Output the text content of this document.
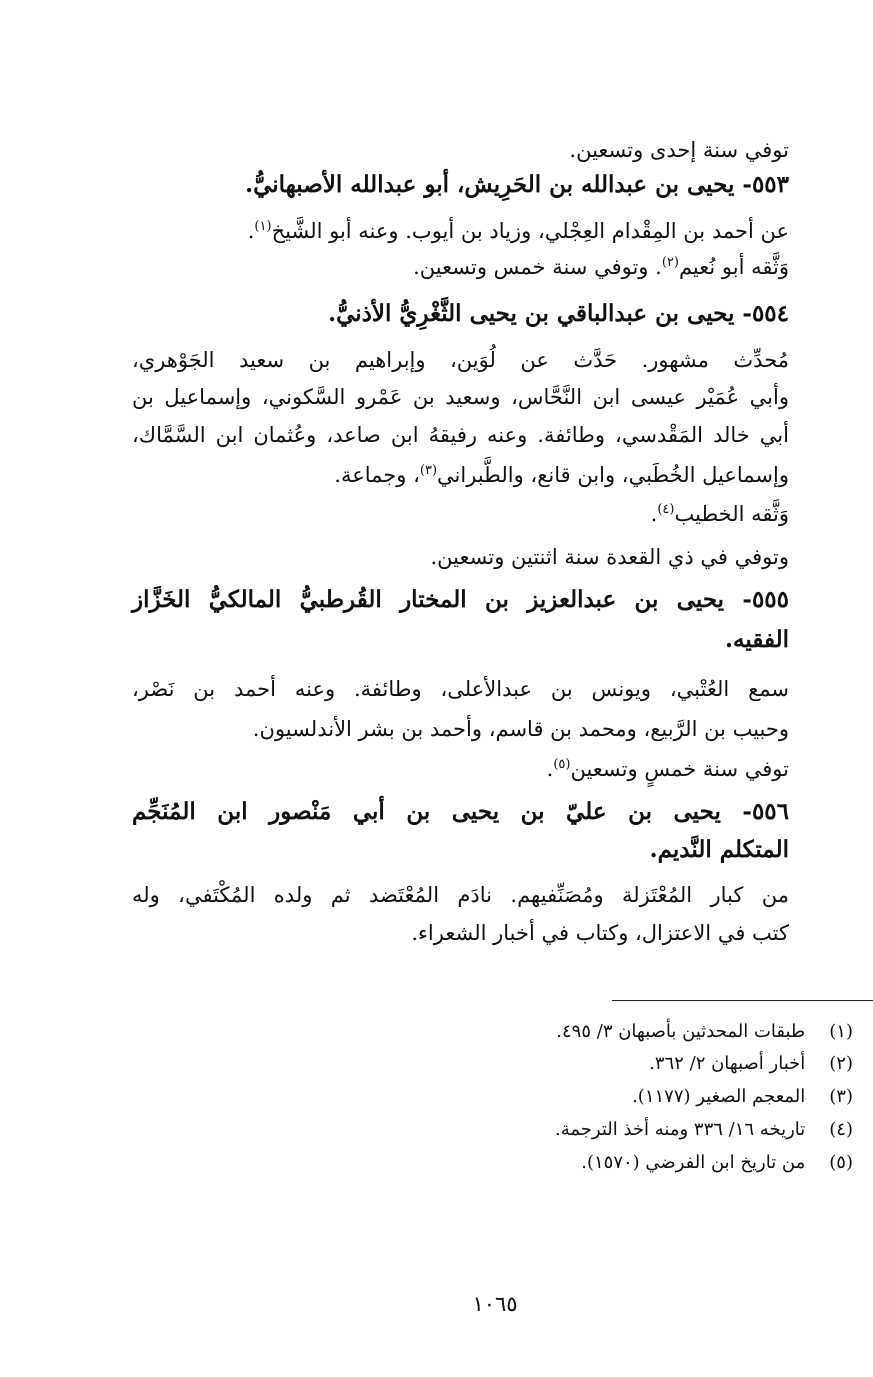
توفي سنة إحدى وتسعين.
٥٥٣- يحيى بن عبدالله بن الحَرِيش، أبو عبدالله الأصبهانيُّ.
عن أحمد بن المِقْدام العِجْلي، وزياد بن أيوب. وعنه أبو الشَّيخ$^{(١)}$.
وَثَّقه أبو نُعيم$^{(٢)}$. وتوفي سنة خمس وتسعين.
٥٥٤- يحيى بن عبدالباقي بن يحيى الثَّغْرِيُّ الأذنيُّ.
مُحدِّث مشهور. حَدَّث عن لُوَين، وإبراهيم بن سعيد الجَوْهري،
وأبي عُمَيْر عيسى ابن النَّحَّاس، وسعيد بن عَمْرو السَّكوني، وإسماعيل بن
أبي خالد المَقْدسي، وطائفة. وعنه رفيقهُ ابن صاعد، وعُثمان ابن السَّمَّاك،
وإسماعيل الخُطَبي، وابن قانع، والطَّبراني$^{(٣)}$، وجماعة.
وَثَّقه الخطيب$^{(٤)}$.
وتوفي في ذي القعدة سنة اثنتين وتسعين.
٥٥٥- يحيى بن عبدالعزيز بن المختار القُرطبيُّ المالكيُّ الخَزَّاز
الفقيه.
سمع العُتْبي، ويونس بن عبدالأعلى، وطائفة. وعنه أحمد بن نَصْر،
وحبيب بن الرَّبيع، ومحمد بن قاسم، وأحمد بن بشر الأندلسيون.
توفي سنة خمسٍ وتسعين$^{(٥)}$.
٥٥٦- يحيى بن عليّ بن يحيى بن أبي مَنْصور ابن المُنَجِّم
المتكلم النَّديم.
من كبار المُعْتَزلة ومُصَنِّفيهم. نادَم المُعْتَضد ثم ولده المُكْتَفي، وله
كتب في الاعتزال، وكتاب في أخبار الشعراء.
(١) طبقات المحدثين بأصبهان ٣/ ٤٩٥.
(٢) أخبار أصبهان ٢/ ٣٦٢.
(٣) المعجم الصغير (١١٧٧).
(٤) تاريخه ١٦/ ٣٣٦ ومنه أخذ الترجمة.
(٥) من تاريخ ابن الفرضي (١٥٧٠).
١٠٦٥
